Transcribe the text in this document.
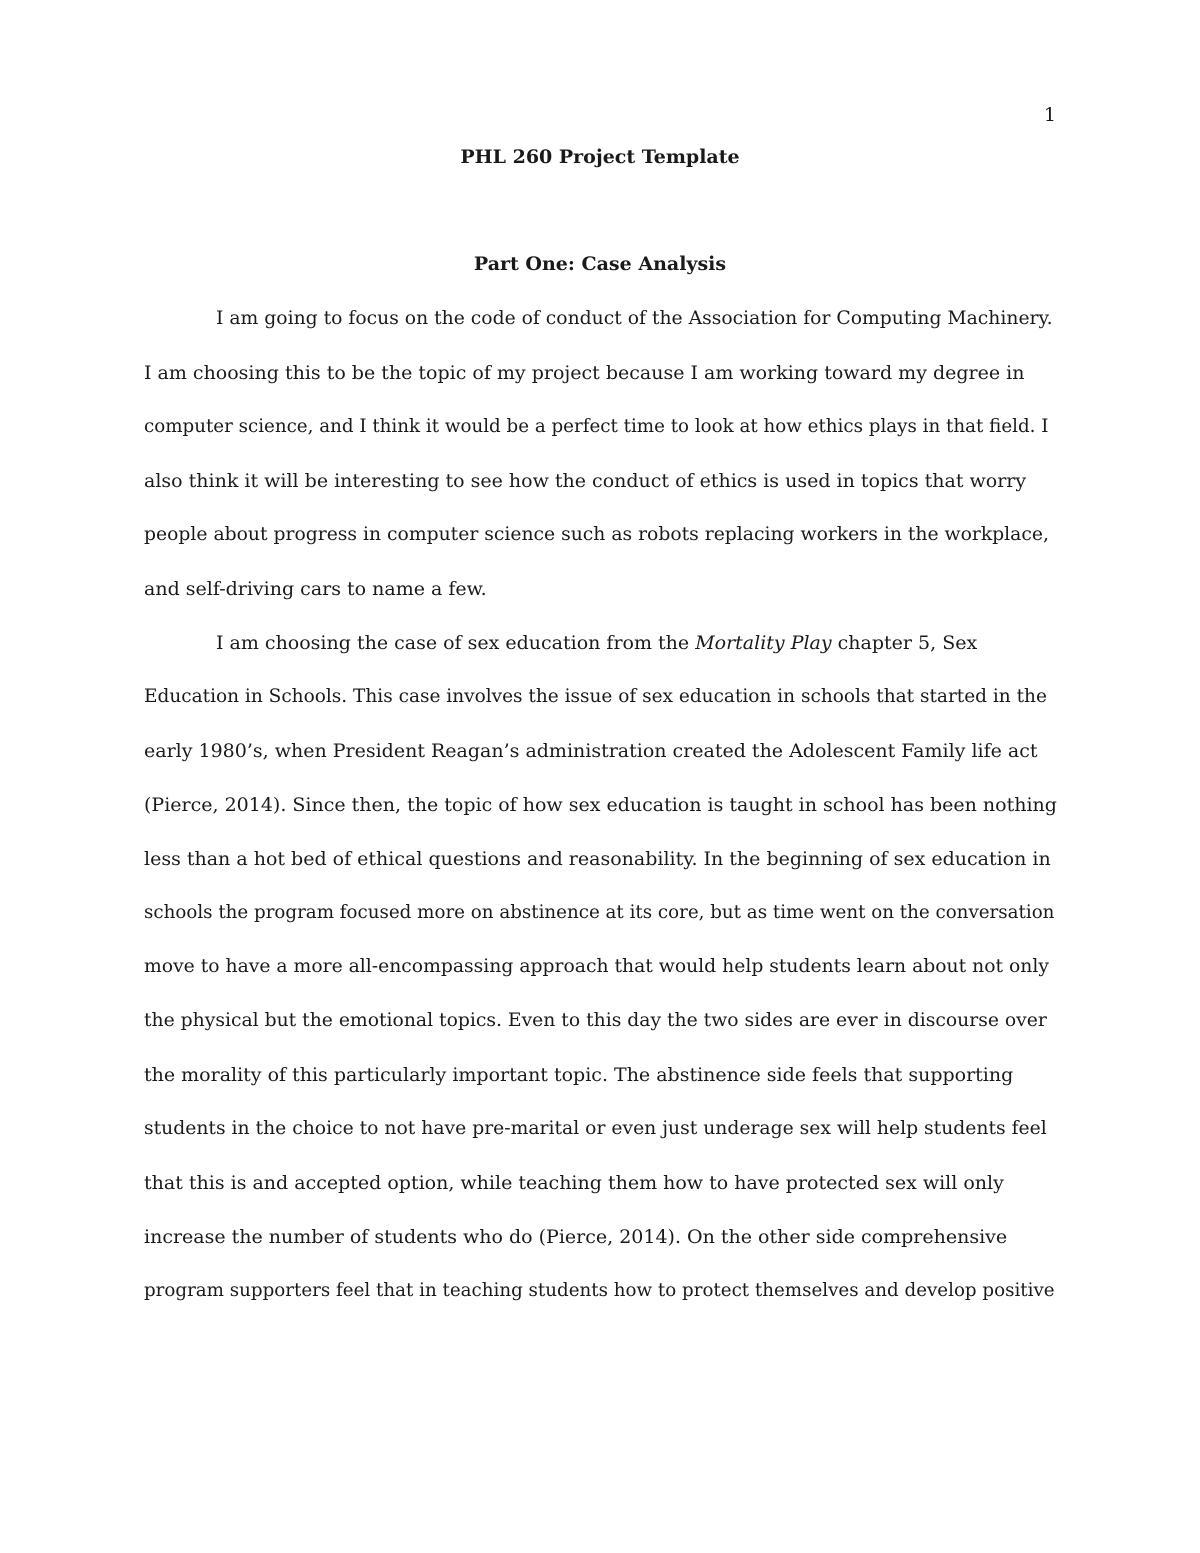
1
PHL 260 Project Template
Part One: Case Analysis
I am going to focus on the code of conduct of the Association for Computing Machinery.
I am choosing this to be the topic of my project because I am working toward my degree in
computer science, and I think it would be a perfect time to look at how ethics plays in that field. I
also think it will be interesting to see how the conduct of ethics is used in topics that worry
people about progress in computer science such as robots replacing workers in the workplace,
and self-driving cars to name a few.
I am choosing the case of sex education from the Mortality Play chapter 5, Sex
Education in Schools. This case involves the issue of sex education in schools that started in the
early 1980’s, when President Reagan’s administration created the Adolescent Family life act
(Pierce, 2014). Since then, the topic of how sex education is taught in school has been nothing
less than a hot bed of ethical questions and reasonability. In the beginning of sex education in
schools the program focused more on abstinence at its core, but as time went on the conversation
move to have a more all-encompassing approach that would help students learn about not only
the physical but the emotional topics. Even to this day the two sides are ever in discourse over
the morality of this particularly important topic. The abstinence side feels that supporting
students in the choice to not have pre-marital or even just underage sex will help students feel
that this is and accepted option, while teaching them how to have protected sex will only
increase the number of students who do (Pierce, 2014). On the other side comprehensive
program supporters feel that in teaching students how to protect themselves and develop positive
